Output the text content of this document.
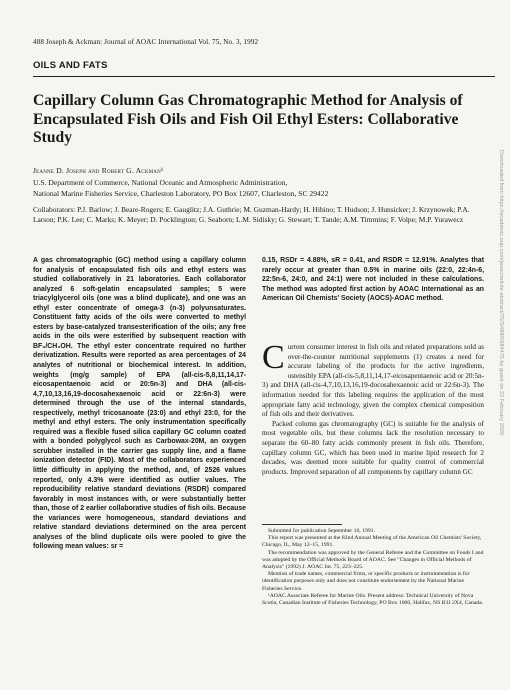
488 Joseph & Ackman: Journal of AOAC International Vol. 75, No. 3, 1992
OILS AND FATS
Capillary Column Gas Chromatographic Method for Analysis of Encapsulated Fish Oils and Fish Oil Ethyl Esters: Collaborative Study
Jeanne D. Joseph and Robert G. Ackman¹
U.S. Department of Commerce, National Oceanic and Atmospheric Administration,
National Marine Fisheries Service, Charleston Laboratory, PO Box 12607, Charleston, SC 29422
Collaborators: P.J. Barlow; J. Beare-Rogers; E. Gauglitz; J.A. Guthrie; M. Guzman-Hardy; H. Hibino; T. Hudson; J. Hunsicker; J. Krzynowek; P.A. Larson; P.K. Lee; C. Marks; K. Meyer; D. Pocklington; G. Seaborn; L.M. Sidisky; G. Stewart; T. Tande; A.M. Timmins; F. Volpe; M.P. Yurawecz
A gas chromatographic (GC) method using a capillary column for analysis of encapsulated fish oils and ethyl esters was studied collaboratively in 21 laboratories. Each collaborator analyzed 6 soft-gelatin encapsulated samples; 5 were triacylglycerol oils (one was a blind duplicate), and one was an ethyl ester concentrate of omega-3 (n-3) polyunsaturates. Constituent fatty acids of the oils were converted to methyl esters by base-catalyzed transesterification of the oils; any free acids in the oils were esterified by subsequent reaction with BF₃/CH₃OH. The ethyl ester concentrate required no further derivatization. Results were reported as area percentages of 24 analytes of nutritional or biochemical interest. In addition, weights (mg/g sample) of EPA (all-cis-5,8,11,14,17-eicosapentaenoic acid or 20:5n-3) and DHA (all-cis-4,7,10,13,16,19-docosahexaenoic acid or 22:6n-3) were determined through the use of the internal standards, respectively, methyl tricosanoate (23:0) and ethyl 23:0, for the methyl and ethyl esters. The only instrumentation specifically required was a flexible fused silica capillary GC column coated with a bonded polyglycol such as Carbowax-20M, an oxygen scrubber installed in the carrier gas supply line, and a flame ionization detector (FID). Most of the collaborators experienced little difficulty in applying the method, and, of 2526 values reported, only 4.3% were identified as outlier values. The reproducibility relative standard deviations (RSDR) compared favorably in most instances with, or were substantially better than, those of 2 earlier collaborative studies of fish oils. Because the variances were homogeneous, standard deviations and relative standard deviations determined on the area percent analyses of the blind duplicate oils were pooled to give the following mean values: sr =
0.15, RSDr = 4.88%, sR = 0.41, and RSDR = 12.91%. Analytes that rarely occur at greater than 0.5% in marine oils (22:0, 22:4n-6, 22:5n-6, 24:0, and 24:1) were not included in these calculations. The method was adopted first action by AOAC International as an American Oil Chemists' Society (AOCS)-AOAC method.

Current consumer interest in fish oils and related preparations sold as over-the-counter nutritional supplements (1) creates a need for accurate labeling of the products for the active ingredients, ostensibly EPA (all-cis-5,8,11,14,17-eicosapentaenoic acid or 20:5n-3) and DHA (all-cis-4,7,10,13,16,19-docosahexaenoic acid or 22:6n-3). The information needed for this labeling requires the application of the most appropriate fatty acid technology, given the complex chemical composition of fish oils and their derivatives.

Packed column gas chromatography (GC) is suitable for the analysis of most vegetable oils, but these columns lack the resolution necessary to separate the 60–80 fatty acids commonly present in fish oils. Therefore, capillary column GC, which has been used in marine lipid research for 2 decades, was deemed more suitable for quality control of commercial products. Improved separation of all components by capillary column GC

Submitted for publication September 10, 1991.

This report was presented at the 82nd Annual Meeting of the American Oil Chemists' Society, Chicago, IL, May 12–15, 1991.

The recommendation was approved by the General Referee and the Committee on Foods I and was adopted by the Official Methods Board of AOAC. See "Changes in Official Methods of Analysis" (1992) J. AOAC Int. 75, 223–225.

Mention of trade names, commercial firms, or specific products or instrumentation is for identification purposes only and does not constitute endorsement by the National Marine Fisheries Service.

¹AOAC Associate Referee for Marine Oils. Present address: Technical University of Nova Scotia, Canadian Institute of Fisheries Technology, PO Box 1000, Halifax, NS B3J 2X4, Canada.

Downloaded from https://academic.oup.com/jaoac/article-abstract/75/3/488/5684475 by guest on 22 February 2020
